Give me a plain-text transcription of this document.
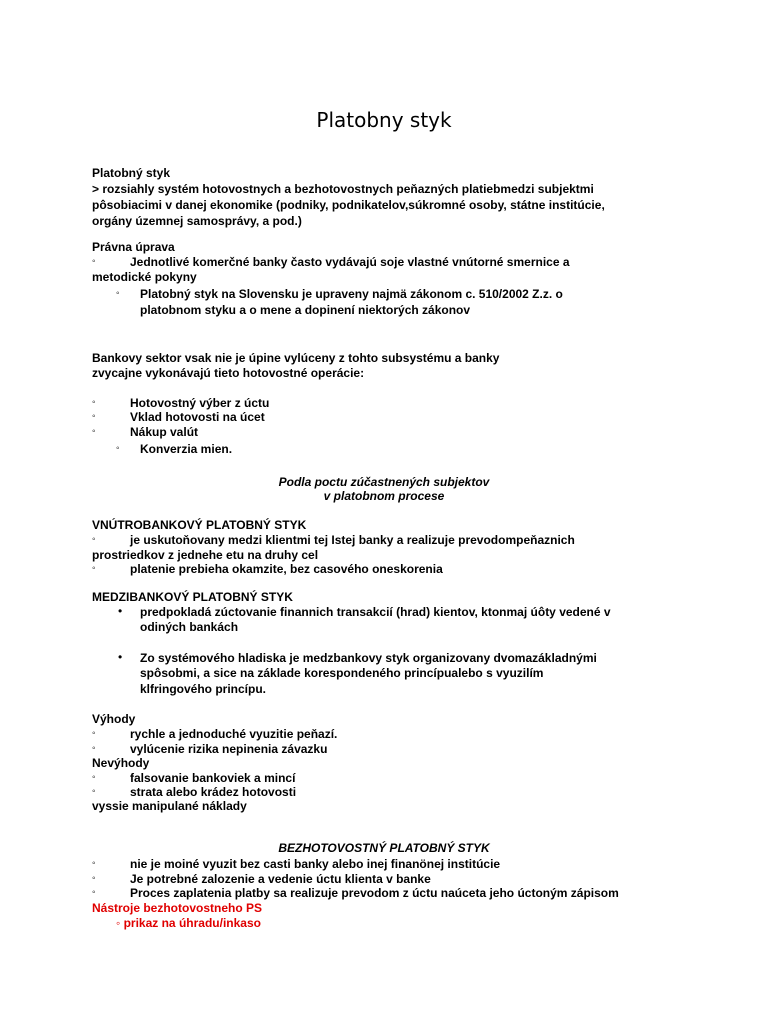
Platobny styk
Platobný styk
> rozsiahly systém hotovostnych a bezhotovostnych peňazných platiebmedzi subjektmi
pôsobiacimi v danej ekonomike (podniky, podnikatelov,súkromné osoby, státne institúcie,
orgány územnej samosprávy, a pod.)
Právna úprava
◦	Jednotlivé komerčné banky často vydávajú soje vlastné vnútorné smernice a
metodické pokyny
◦ Platobný styk na Slovensku je upraveny najmä zákonom c. 510/2002 Z.z. o
platobnom styku a o mene a dopinení niektorých zákonov
Bankovy sektor vsak nie je úpine vylúceny z tohto subsystému a banky
zvycajne vykonávajú tieto hotovostné operácie:
◦	Hotovostný výber z úctu
◦	Vklad hotovosti na úcet
◦	Nákup valút
◦ Konverzia mien.
Podla poctu zúčastnených subjektov
v platobnom procese
VNÚTROBANKOVÝ PLATOBNÝ STYK
◦	je uskutoňovany medzi klientmi tej Istej banky a realizuje prevodompeňaznich
prostriedkov z jednehe etu na druhy cel
◦	platenie prebieha okamzite, bez casového oneskorenia
MEDZIBANKOVÝ PLATOBNÝ STYK
• predpokladá zúctovanie finannich transakcií (hrad) kientov, ktonmaj úôty vedené v
odiných bankách
• Zo systémového hladiska je medzbankovy styk organizovany dvomazákladnými
spôsobmi, a sice na základe korespondeného princípualebo s vyuzilím
klfringového princípu.
Výhody
◦	rychle a jednoduché vyuzitie peňazí.
◦	vylúcenie rizika nepinenia závazku
Nevýhody
◦	falsovanie bankoviek a mincí
◦	strata alebo krádez hotovosti
vyssie manipulané náklady
BEZHOTOVOSTNÝ PLATOBNÝ STYK
◦	nie je moiné vyuzit bez casti banky alebo inej finanönej institúcie
◦	Je potrebné zalozenie a vedenie úctu klienta v banke
◦	Proces zaplatenia platby sa realizuje prevodom z úctu naúceta jeho úctoným zápisom
Nástroje bezhotovostneho PS
◦ prikaz na úhradu/inkaso
